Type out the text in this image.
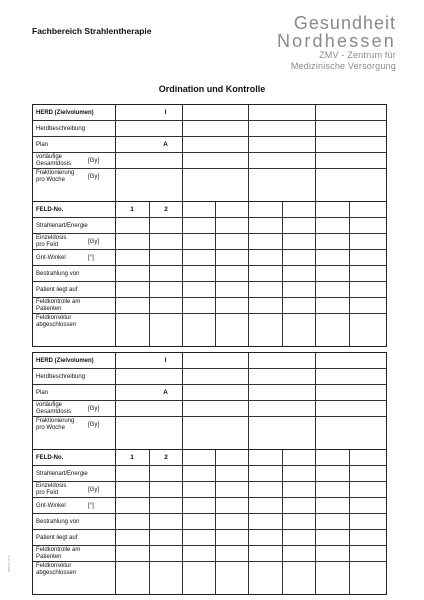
Fachbereich Strahlentherapie	Gesundheit
Nordhessen
ZMV - Zentrum für
Medizinische Versorgung
Ordination und Kontrolle
HERD (Zielvolumen)	I
Herdbeschreibung
Plan	A
vorläufige
Gesamtdosis
[Gy]
Fraktionierung
pro Woche
[Gy]
FELD-No.	1	2
Strahlenart/Energie
Einzeldosis
pro Feld
[Gy]
Gnt-Winkel	[°]
Bestrahlung von
Patient liegt auf
Feldkontrolle am
Patienten
Feldkorrektur
abgeschlossen
HERD (Zielvolumen)	I
Herdbeschreibung
Plan	A
vorläufige
Gesamtdosis
[Gy]
Fraktionierung
pro Woche
[Gy]
FELD-No.	1	2
Strahlenart/Energie
Einzeldosis
pro Feld
[Gy]
Gnt-Winkel	[°]
Bestrahlung von
Patient liegt auf
Feldkontrolle am
Patienten
Feldkorrektur
abgeschlossen
5085 B 1114
